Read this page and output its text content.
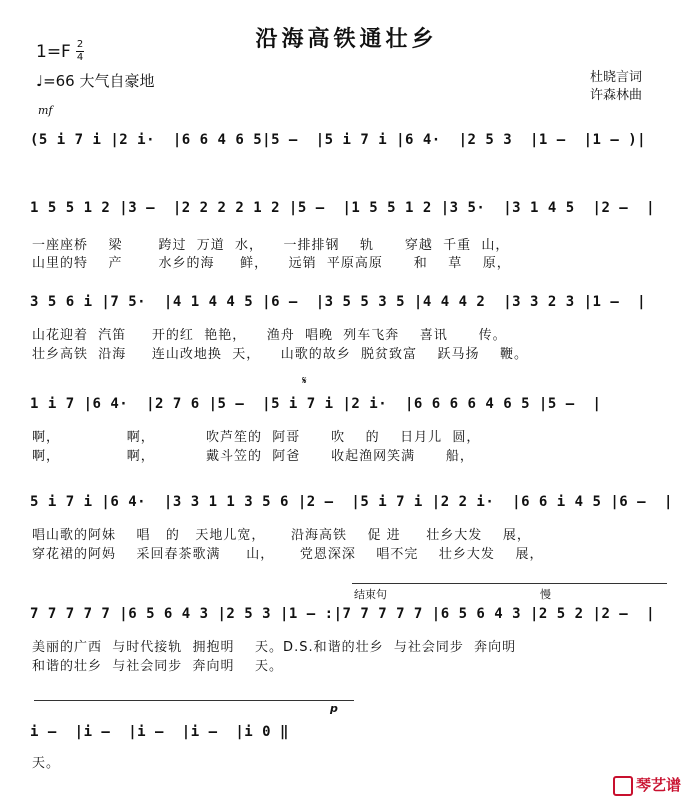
沿海高铁通壮乡
1=F 2
4
♩=66 大气自豪地	杜晓言词
许森林曲
mf
(5 i 7 i |2 i·  |6 6 4 6 5|5 –  |5 i 7 i |6 4·  |2 5 3  |1 –  |1 – )|
1 5 5 1 2 |3 –  |2 2 2 2 1 2 |5 –  |1 5 5 1 2 |3 5·  |3 1 4 5  |2 –  |
一座座桥    梁       跨过  万道  水，    一排排钢    轨      穿越  千重  山，
山里的特    产       水乡的海     鲜，    远销  平原高原      和    草    原，
3 5 6 i |7 5·  |4 1 4 4 5 |6 –  |3 5 5 3 5 |4 4 4 2  |3 3 2 3 |1 –  |
山花迎着  汽笛     开的红  艳艳，    渔舟  唱晚  列车飞奔    喜讯      传。
壮乡高铁  沿海     连山改地换  天，    山歌的故乡  脱贫致富    跃马扬    鞭。
𝄋
1 i 7 |6 4·  |2 7 6 |5 –  |5 i 7 i |2 i·  |6 6 6 6 4 6 5 |5 –  |
啊，             啊，          吹芦笙的  阿哥      吹    的    日月儿  圆，
啊，             啊，          戴斗笠的  阿爸      收起渔网笑满      船，
5 i 7 i |6 4·  |3 3 1 1 3 5 6 |2 –  |5 i 7 i |2 2 i·  |6 6 i 4 5 |6 –  |
唱山歌的阿妹    唱   的   天地儿宽，     沿海高铁    促 进     壮乡大发    展，
穿花裙的阿妈    采回春茶歌满     山，     党恩深深    唱不完    壮乡大发    展，
结束句	慢
7 7 7 7 7 |6 5 6 4 3 |2 5 3 |1 – :|7 7 7 7 7 |6 5 6 4 3 |2 5 2 |2 –  |
美丽的广西  与时代接轨  拥抱明    天。D.S.和谐的壮乡  与社会同步  奔向明
和谐的壮乡  与社会同步  奔向明    天。
p
i –  |i –  |i –  |i –  |i 0 ‖
天。
琴艺谱
